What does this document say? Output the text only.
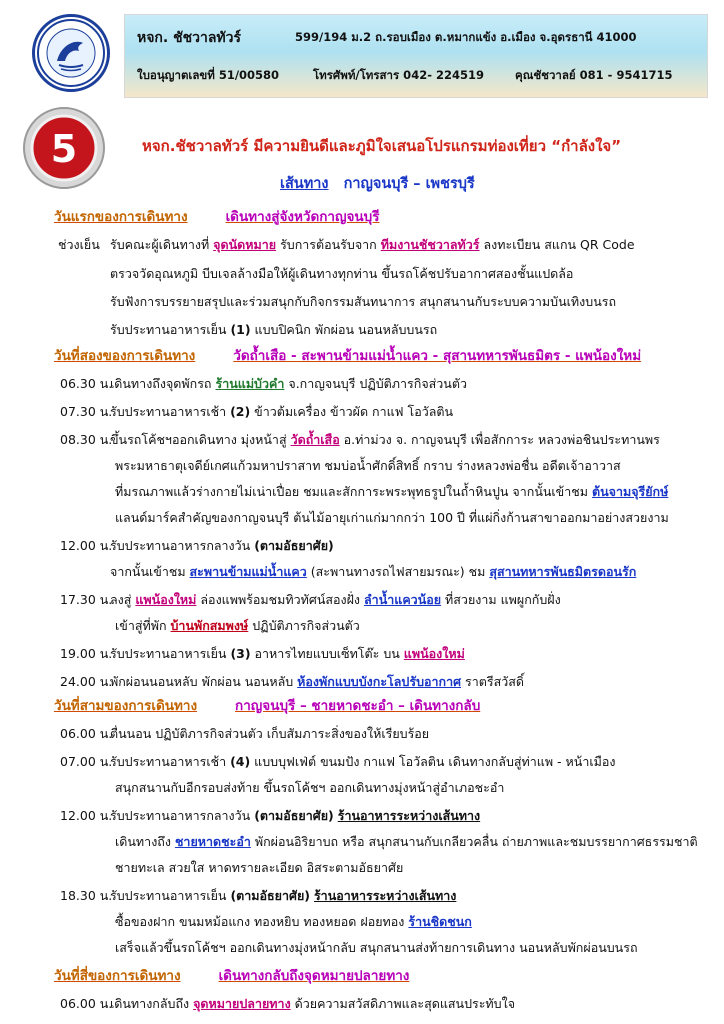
หจก. ชัชวาลทัวร์	599/194 ม.2 ถ.รอบเมือง ต.หมากแข้ง อ.เมือง จ.อุดรธานี 41000
ใบอนุญาตเลขที่ 51/00580	โทรศัพท์/โทรสาร 042- 224519	คุณชัชวาลย์ 081 - 9541715
5	หจก.ชัชวาลทัวร์ มีความยินดีและภูมิใจเสนอโปรแกรมท่องเที่ยว “กำลังใจ”
เส้นทาง กาญจนบุรี – เพชรบุรี
วันแรกของการเดินทาง	เดินทางสู่จังหวัดกาญจนบุรี
ช่วงเย็น รับคณะผู้เดินทางที่ จุดนัดหมาย รับการต้อนรับจาก ทีมงานชัชวาลทัวร์ ลงทะเบียน สแกน QR Code
ตรวจวัดอุณหภูมิ บีบเจลล้างมือให้ผู้เดินทางทุกท่าน ขึ้นรถโค้ชปรับอากาศสองชั้นแปดล้อ
รับฟังการบรรยายสรุปและร่วมสนุกกับกิจกรรมสันทนาการ สนุกสนานกับระบบความบันเทิงบนรถ
รับประทานอาหารเย็น (1) แบบปิคนิก พักผ่อน นอนหลับบนรถ
วันที่สองของการเดินทาง	วัดถ้ำเสือ - สะพานข้ามแม่น้ำแคว - สุสานทหารพันธมิตร - แพน้องใหม่
06.30 น.
เดินทางถึงจุดพักรถ ร้านแม่บัวคำ จ.กาญจนบุรี ปฏิบัติภารกิจส่วนตัว
07.30 น.
รับประทานอาหารเช้า (2) ข้าวต้มเครื่อง ข้าวผัด กาแฟ โอวัลติน
08.30 น.
ขึ้นรถโค้ชฯออกเดินทาง มุ่งหน้าสู่ วัดถ้ำเสือ อ.ท่าม่วง จ. กาญจนบุรี เพื่อสักการะ หลวงพ่อชินประทานพร
พระมหาธาตุเจดีย์เกศแก้วมหาปราสาท ชมบ่อน้ำศักดิ์สิทธิ์ กราบ ร่างหลวงพ่อชื่น อดีตเจ้าอาวาส
ที่มรณภาพแล้วร่างกายไม่เน่าเปื่อย ชมและสักการะพระพุทธรูปในถ้ำหินปูน จากนั้นเข้าชม ต้นจามจุรียักษ์
แลนด์มาร์คสำคัญของกาญจนบุรี ต้นไม้อายุเก่าแก่มากกว่า 100 ปี ที่แผ่กิ่งก้านสาขาออกมาอย่างสวยงาม
12.00 น.
รับประทานอาหารกลางวัน (ตามอัธยาศัย)
จากนั้นเข้าชม สะพานข้ามแม่น้ำแคว (สะพานทางรถไฟสายมรณะ) ชม สุสานทหารพันธมิตรดอนรัก
17.30 น.
ลงสู่ แพน้องใหม่ ล่องแพพร้อมชมทิวทัศน์สองฝั่ง ลำน้ำแควน้อย ที่สวยงาม แพผูกกับฝั่ง
เข้าสู่ที่พัก บ้านพักสมพงษ์ ปฏิบัติภารกิจส่วนตัว
19.00 น.
รับประทานอาหารเย็น (3) อาหารไทยแบบเซ็ทโต๊ะ บน แพน้องใหม่
24.00 น.
พักผ่อนนอนหลับ พักผ่อน นอนหลับ ห้องพักแบบบังกะโลปรับอากาศ ราตรีสวัสดิ์
วันที่สามของการเดินทาง	กาญจนบุรี – ชายหาดชะอำ – เดินทางกลับ
06.00 น.
ตื่นนอน ปฏิบัติภารกิจส่วนตัว เก็บสัมภาระสิ่งของให้เรียบร้อย
07.00 น.
รับประทานอาหารเช้า (4) แบบบุฟเฟ่ต์ ขนมปัง กาแฟ โอวัลติน เดินทางกลับสู่ท่าแพ - หน้าเมือง
สนุกสนานกับอีกรอบส่งท้าย ขึ้นรถโค้ชฯ ออกเดินทางมุ่งหน้าสู่อำเภอชะอำ
12.00 น.
รับประทานอาหารกลางวัน (ตามอัธยาศัย) ร้านอาหารระหว่างเส้นทาง
เดินทางถึง ชายหาดชะอำ พักผ่อนอิริยาบถ หรือ สนุกสนานกับเกลียวคลื่น ถ่ายภาพและชมบรรยากาศธรรมชาติ
ชายทะเล สวยใส หาดทรายละเอียด อิสระตามอัธยาศัย
18.30 น.
รับประทานอาหารเย็น (ตามอัธยาศัย) ร้านอาหารระหว่างเส้นทาง
ซื้อของฝาก ขนมหม้อแกง ทองหยิบ ทองหยอด ฝอยทอง ร้านชิดชนก
เสร็จแล้วขึ้นรถโค้ชฯ ออกเดินทางมุ่งหน้ากลับ สนุกสนานส่งท้ายการเดินทาง นอนหลับพักผ่อนบนรถ
วันที่สี่ของการเดินทาง	เดินทางกลับถึงจุดหมายปลายทาง
06.00 น.
เดินทางกลับถึง จุดหมายปลายทาง ด้วยความสวัสดิภาพและสุดแสนประทับใจ
